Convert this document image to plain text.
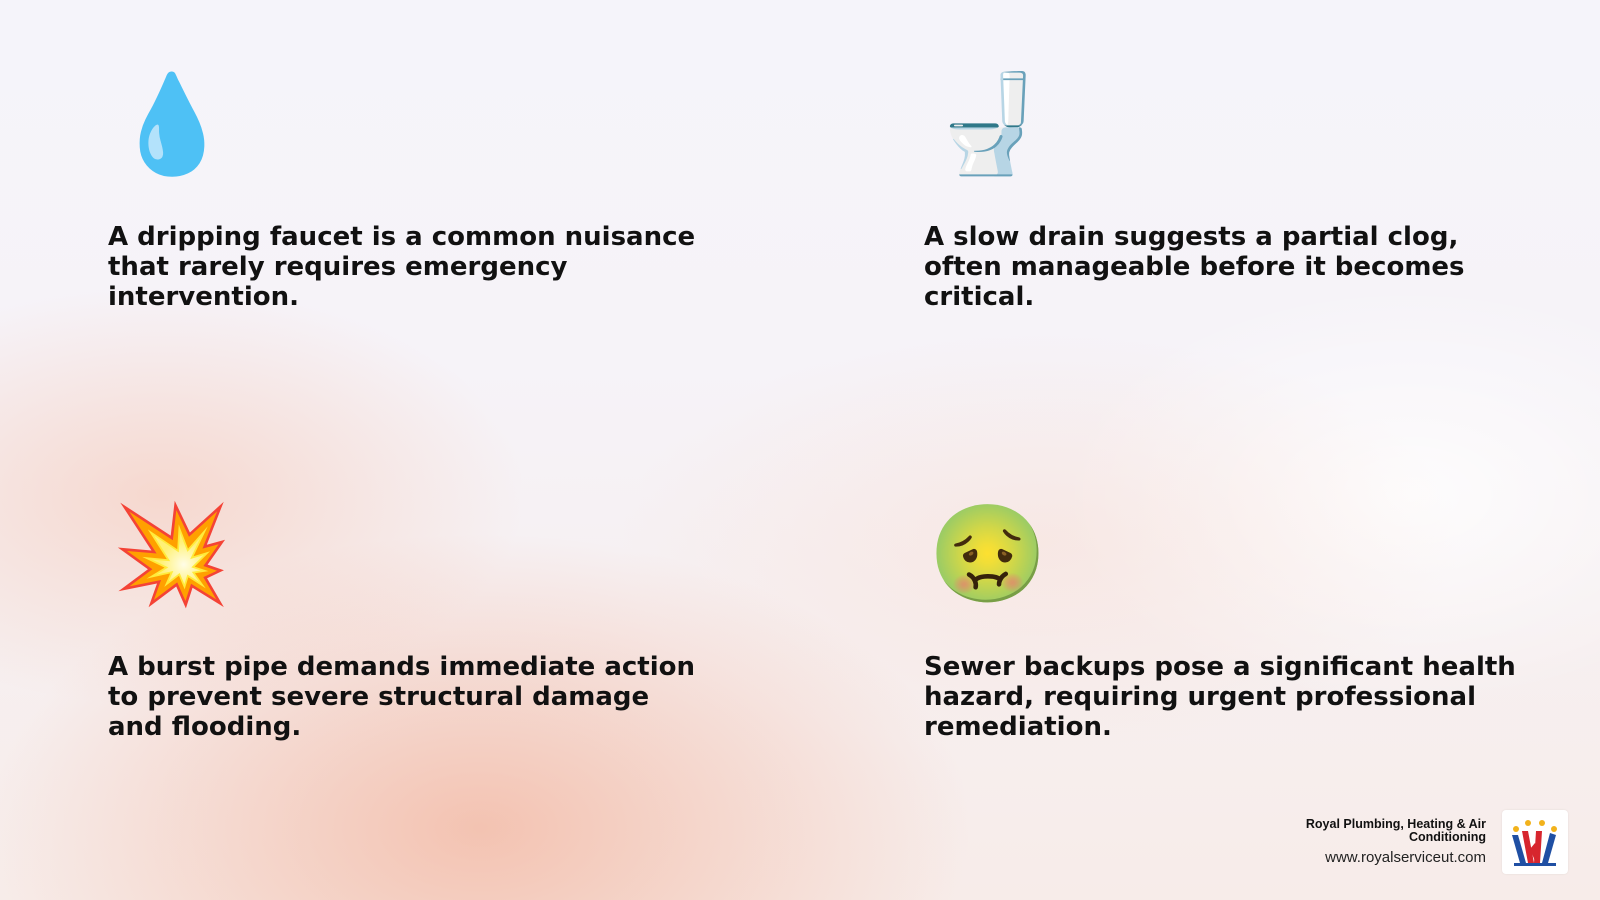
💧

A dripping faucet is a common nuisance that rarely requires emergency intervention.

🚽

A slow drain suggests a partial clog, often manageable before it becomes critical.

💥

A burst pipe demands immediate action to prevent severe structural damage and flooding.

🤢

Sewer backups pose a significant health hazard, requiring urgent professional remediation.

Royal Plumbing, Heating & Air Conditioning
www.royalserviceut.com
